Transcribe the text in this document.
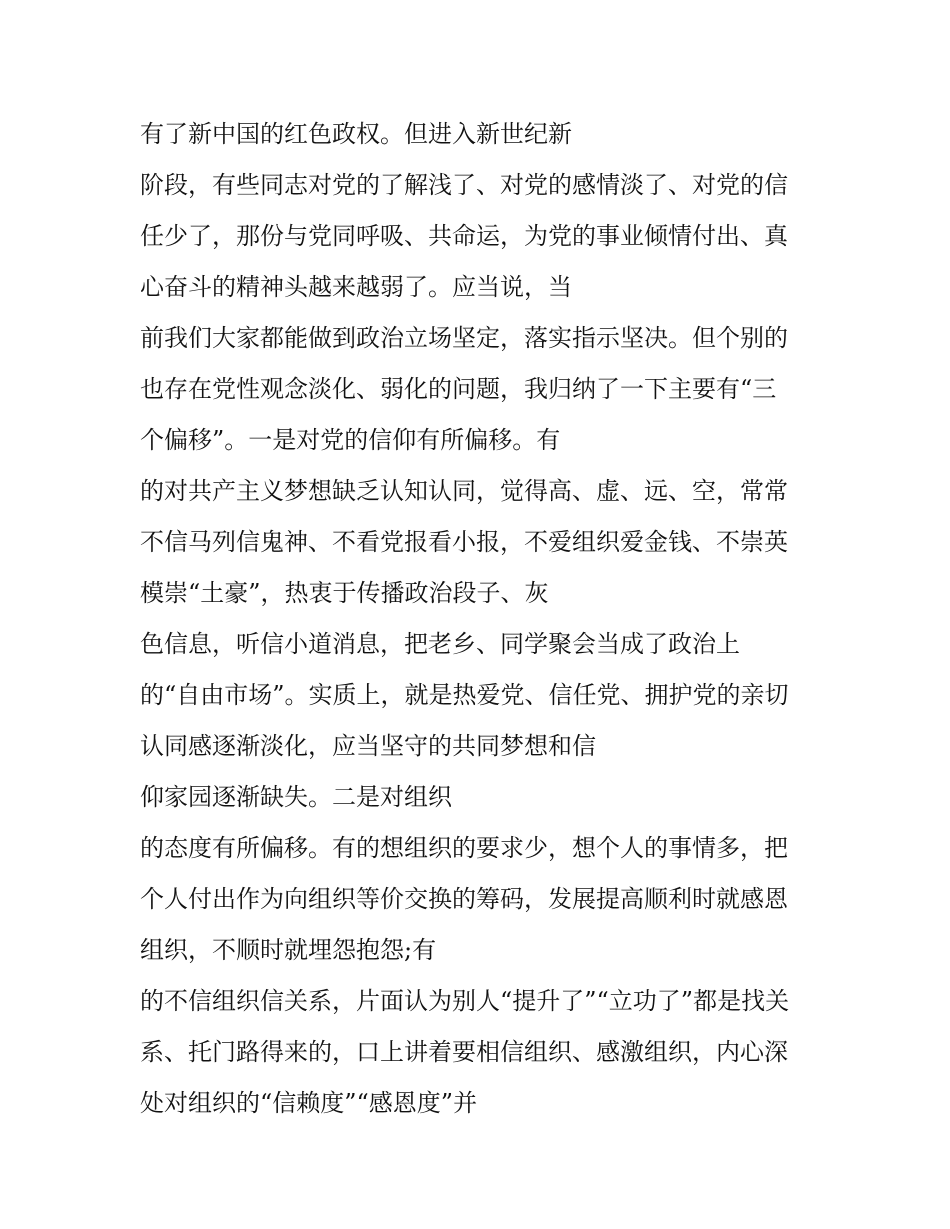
有了新中国的红色政权。但进入新世纪新
阶段，有些同志对党的了解浅了、对党的感情淡了、对党的信
任少了，那份与党同呼吸、共命运，为党的事业倾情付出、真
心奋斗的精神头越来越弱了。应当说，当
前我们大家都能做到政治立场坚定，落实指示坚决。但个别的
也存在党性观念淡化、弱化的问题，我归纳了一下主要有“三
个偏移”。一是对党的信仰有所偏移。有
的对共产主义梦想缺乏认知认同，觉得高、虚、远、空，常常
不信马列信鬼神、不看党报看小报，不爱组织爱金钱、不崇英
模崇“土豪”，热衷于传播政治段子、灰
色信息，听信小道消息，把老乡、同学聚会当成了政治上
的“自由市场”。实质上，就是热爱党、信任党、拥护党的亲切
认同感逐渐淡化，应当坚守的共同梦想和信
仰家园逐渐缺失。二是对组织
的态度有所偏移。有的想组织的要求少，想个人的事情多，把
个人付出作为向组织等价交换的筹码，发展提高顺利时就感恩
组织，不顺时就埋怨抱怨;有
的不信组织信关系，片面认为别人“提升了”“立功了”都是找关
系、托门路得来的，口上讲着要相信组织、感激组织，内心深
处对组织的“信赖度”“感恩度”并
